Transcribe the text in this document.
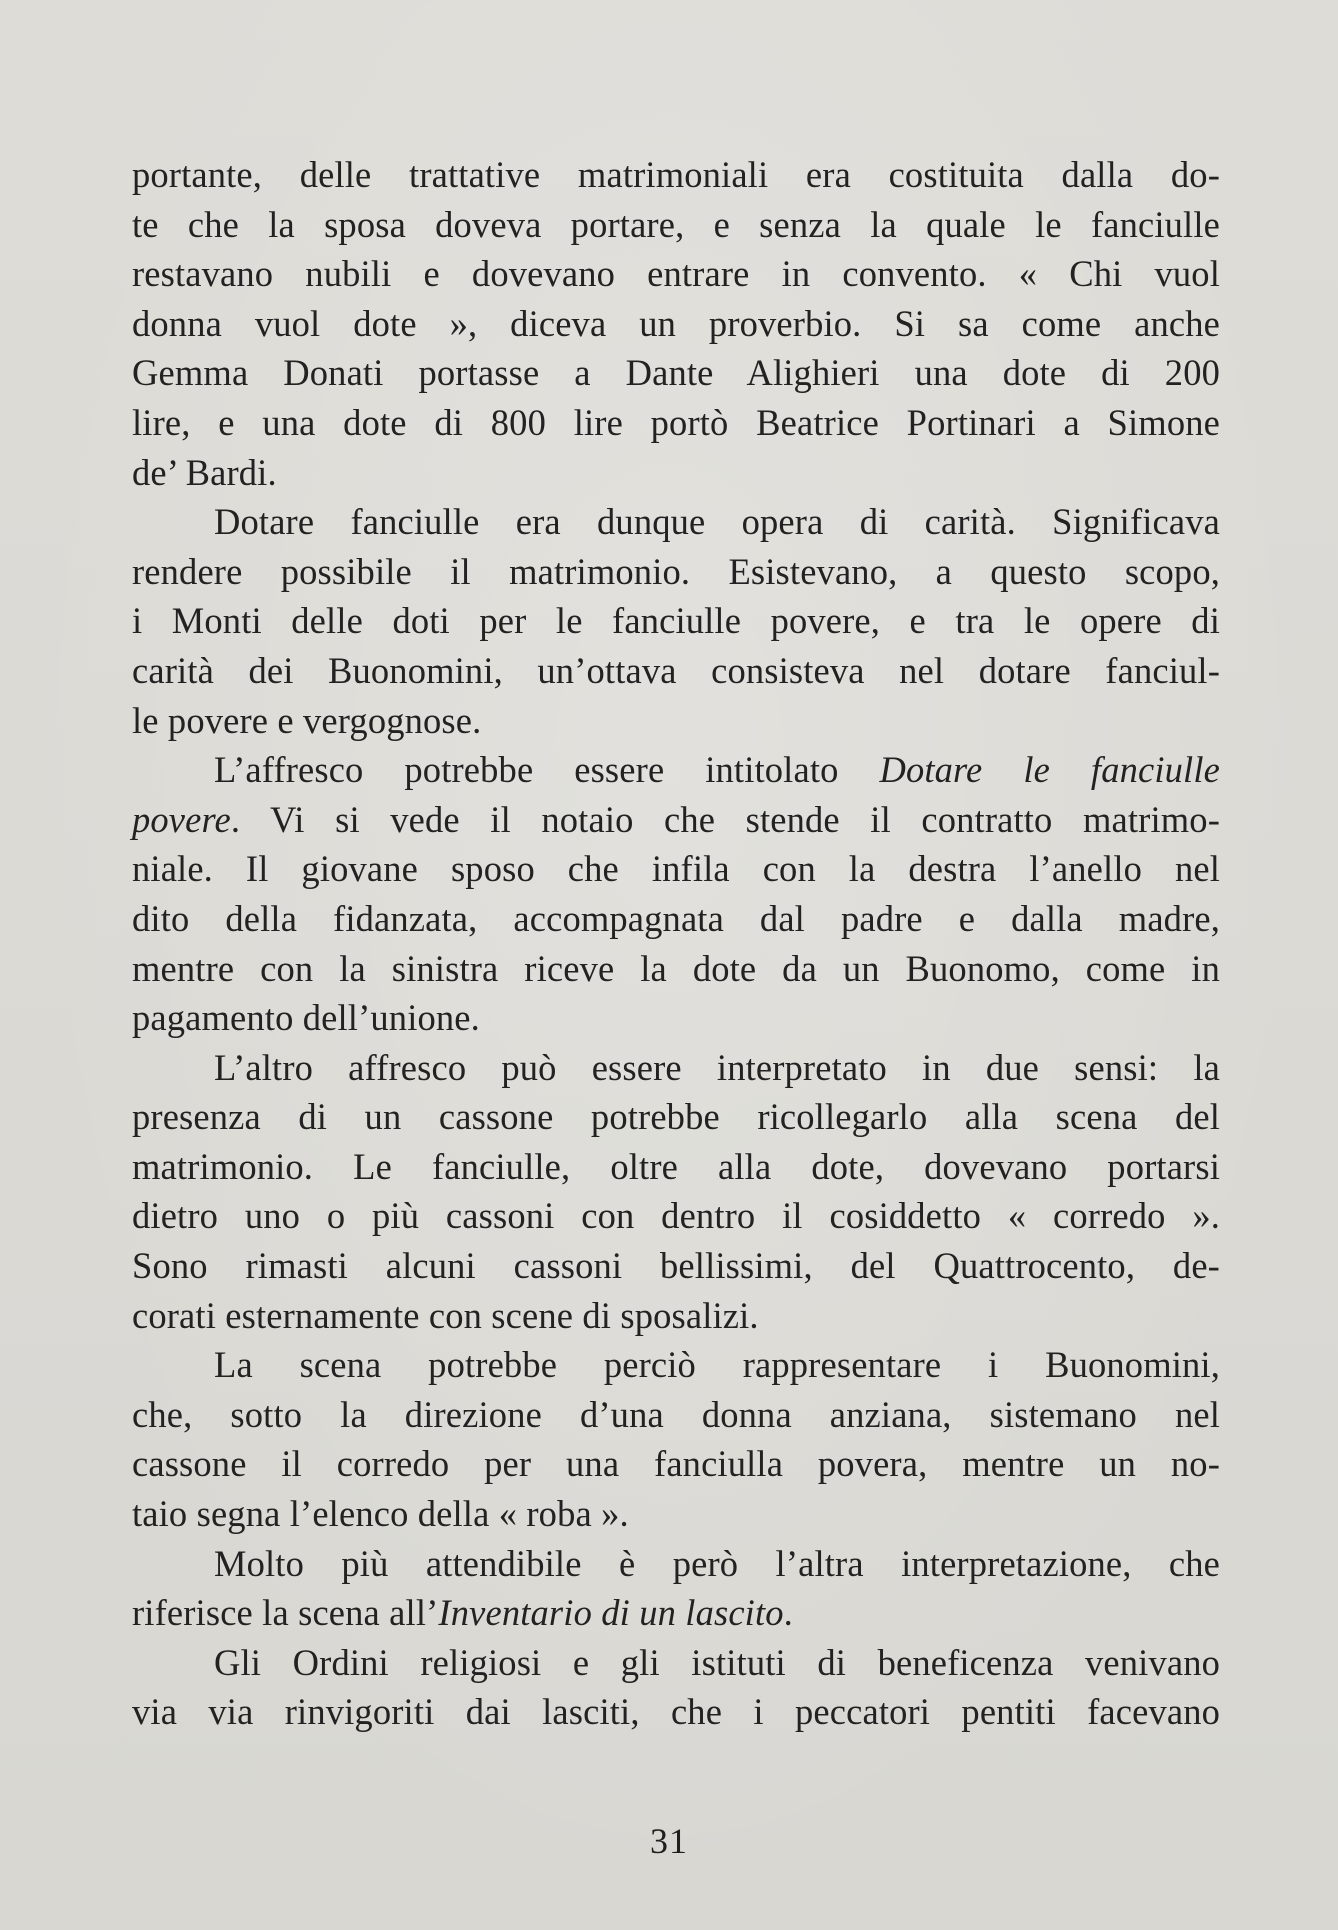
portante, delle trattative matrimoniali era costituita dalla do-
te che la sposa doveva portare, e senza la quale le fanciulle
restavano nubili e dovevano entrare in convento. « Chi vuol
donna vuol dote », diceva un proverbio. Si sa come anche
Gemma Donati portasse a Dante Alighieri una dote di 200
lire, e una dote di 800 lire portò Beatrice Portinari a Simone
de’ Bardi.
Dotare fanciulle era dunque opera di carità. Significava
rendere possibile il matrimonio. Esistevano, a questo scopo,
i Monti delle doti per le fanciulle povere, e tra le opere di
carità dei Buonomini, un’ottava consisteva nel dotare fanciul-
le povere e vergognose.
L’affresco potrebbe essere intitolato Dotare le fanciulle
povere. Vi si vede il notaio che stende il contratto matrimo-
niale. Il giovane sposo che infila con la destra l’anello nel
dito della fidanzata, accompagnata dal padre e dalla madre,
mentre con la sinistra riceve la dote da un Buonomo, come in
pagamento dell’unione.
L’altro affresco può essere interpretato in due sensi: la
presenza di un cassone potrebbe ricollegarlo alla scena del
matrimonio. Le fanciulle, oltre alla dote, dovevano portarsi
dietro uno o più cassoni con dentro il cosiddetto « corredo ».
Sono rimasti alcuni cassoni bellissimi, del Quattrocento, de-
corati esternamente con scene di sposalizi.
La scena potrebbe perciò rappresentare i Buonomini,
che, sotto la direzione d’una donna anziana, sistemano nel
cassone il corredo per una fanciulla povera, mentre un no-
taio segna l’elenco della « roba ».
Molto più attendibile è però l’altra interpretazione, che
riferisce la scena all’Inventario di un lascito.
Gli Ordini religiosi e gli istituti di beneficenza venivano
via via rinvigoriti dai lasciti, che i peccatori pentiti facevano
31
